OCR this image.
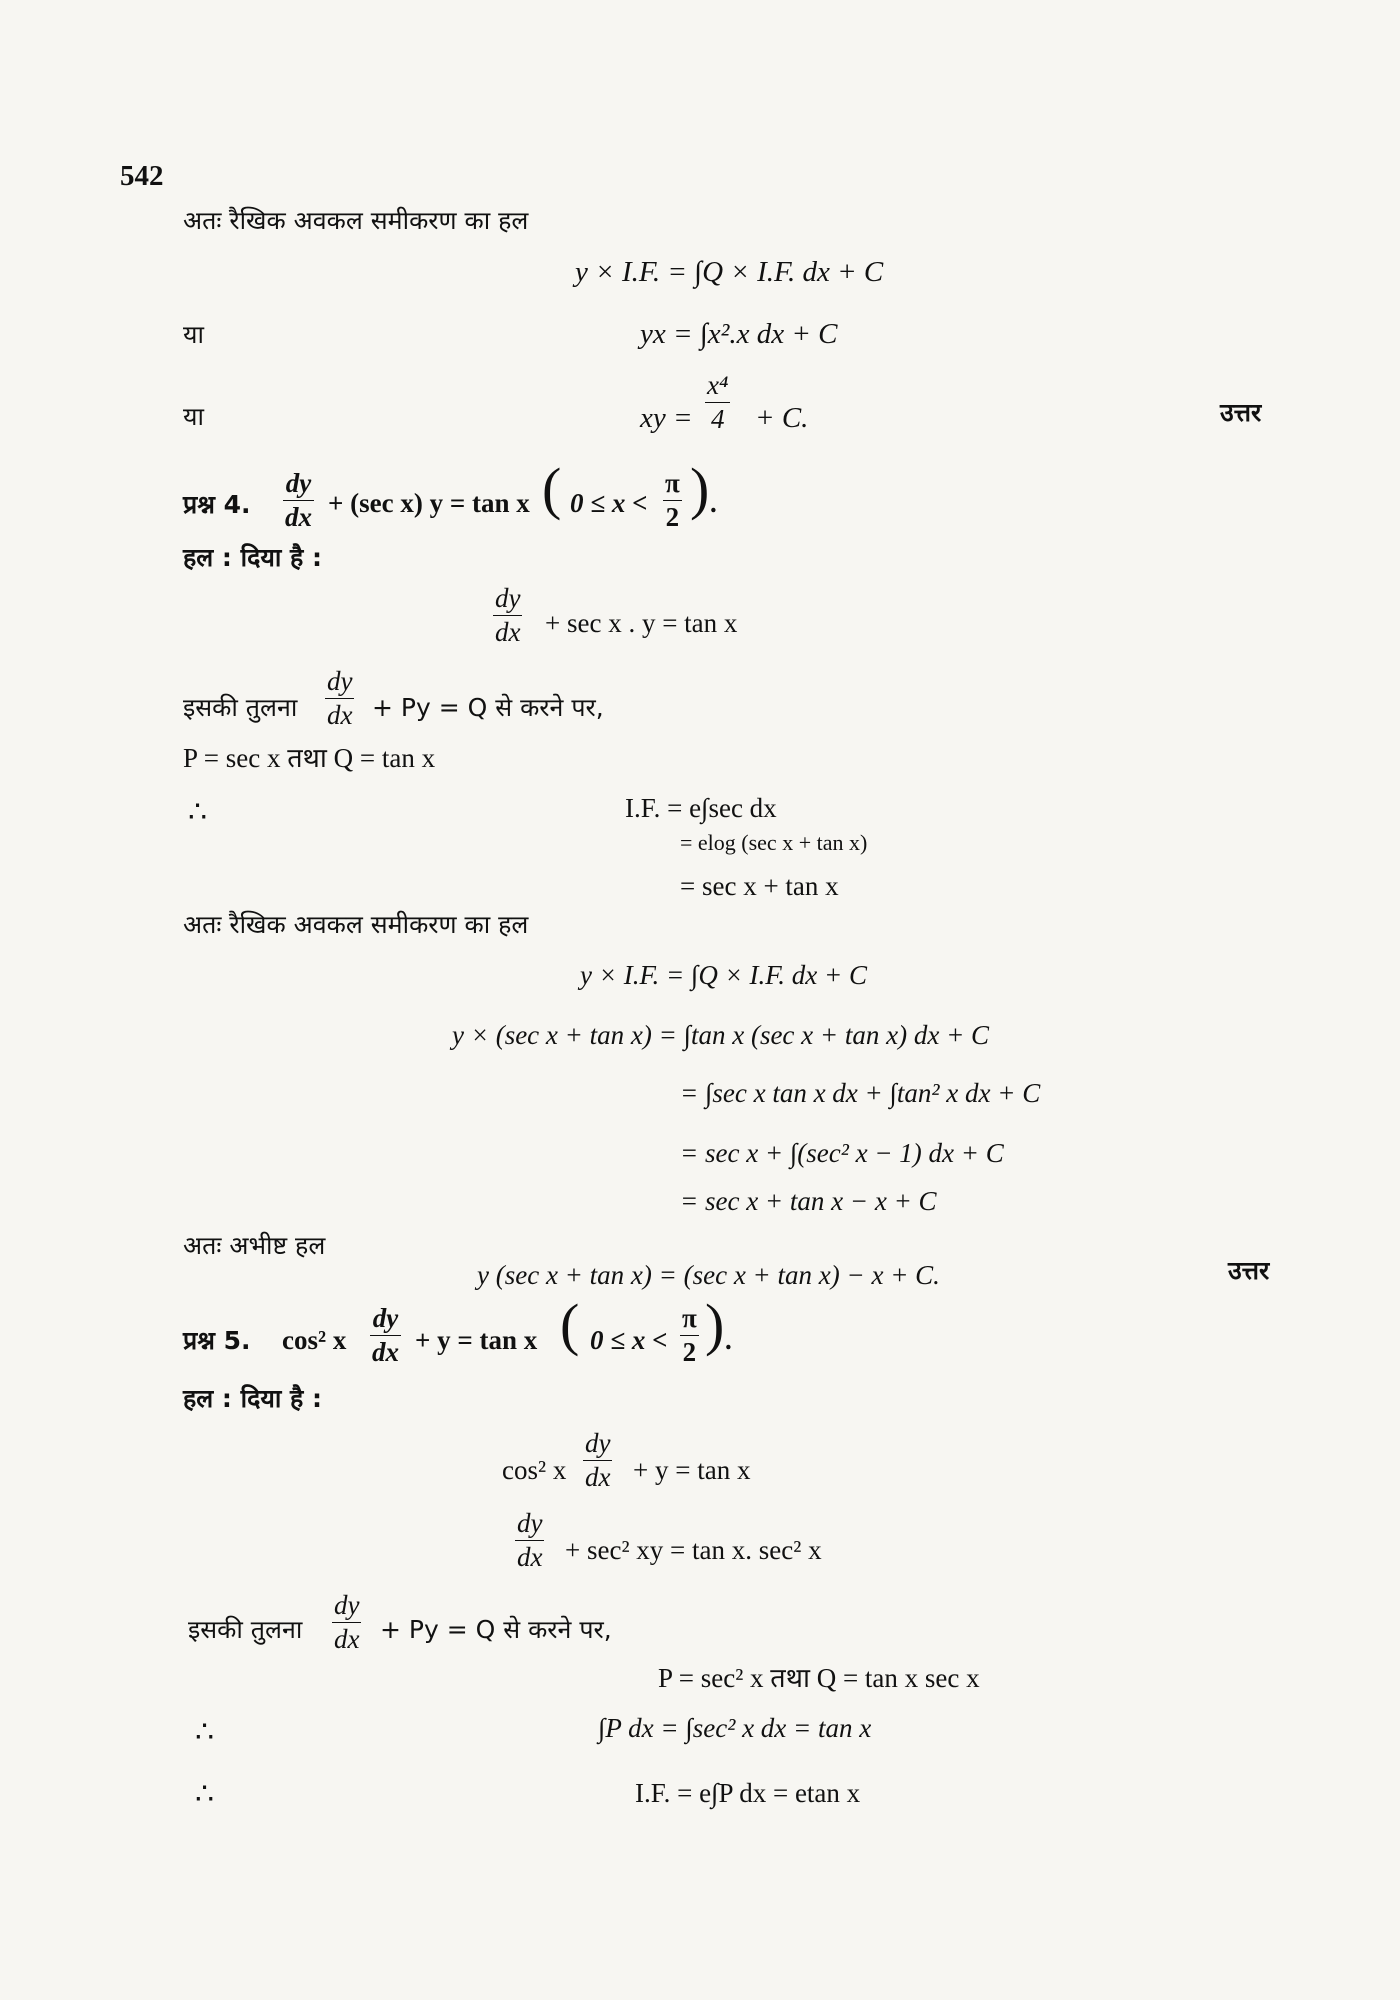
542
अतः रैखिक अवकल समीकरण का हल
y × I.F. = ∫Q × I.F. dx + C
या	yx = ∫x².x dx + C
या	xy = $\frac{\text{x⁴}}{4} + C$.	उत्तर
प्रश्न 4. $\frac{dy}{dx} + (\sec$ x) y = tan x ( $0 \le x < \frac{\pi}{2}$ ) .
हल : दिया है :
$\frac{dy}{dx} + \sec x$ . y = tan x
इसकी तुलना $\frac{dy}{dx} + Py = Q$ से करने पर,
P = sec x तथा Q = tan x
∴	I.F. = e∫sec dx
= elog (sec x + tan x)
= sec x + tan x
अतः रैखिक अवकल समीकरण का हल
y × I.F. = ∫Q × I.F. dx + C
y × (sec x + tan x) = ∫tan x (sec x + tan x) dx + C
= ∫sec x tan x dx + ∫tan² x dx + C
= sec x + ∫(sec² x − 1) dx + C
= sec x + tan x − x + C
अतः अभीष्ट हल
y (sec x + tan x) = (sec x + tan x) − x + C.	उत्तर
प्रश्न 5. cos² x $\frac{dy}{dx} + y = \tan x$ ( $0 \le x < \frac{\pi}{2}$ ) .
हल : दिया है :
cos² x $\frac{dy}{dx} + y = \tan x$
$\frac{dy}{dx} + \sec^2$ xy = tan x. sec² x
इसकी तुलना $\frac{dy}{dx} + Py = Q$ से करने पर,
P = sec² x तथा Q = tan x sec x
∴	∫P dx = ∫sec² x dx = tan x
∴	I.F. = e∫P dx = etan x
